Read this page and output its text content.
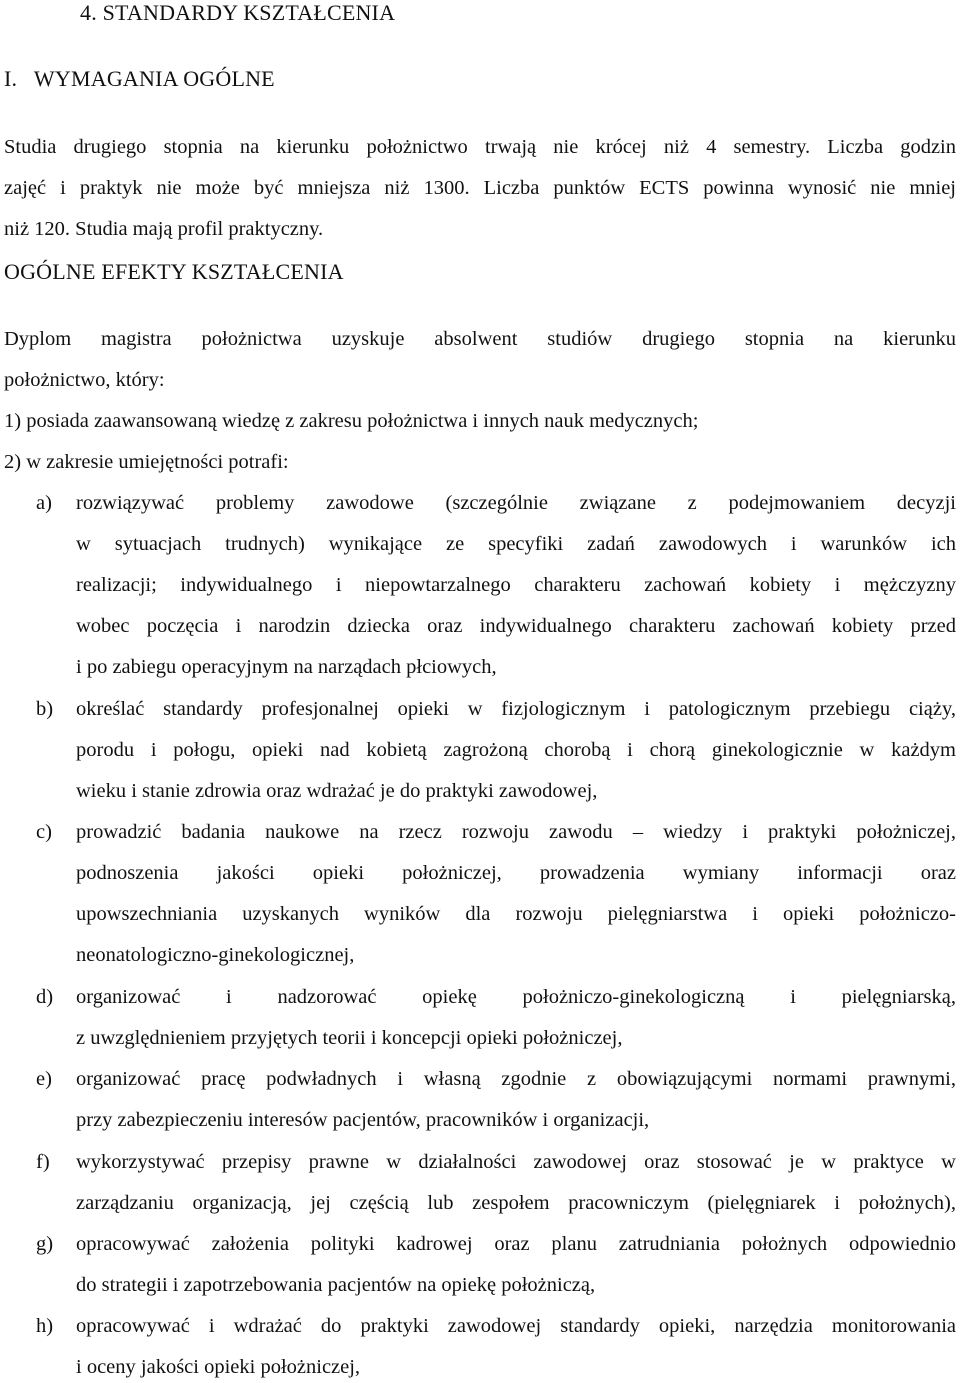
4. STANDARDY KSZTAŁCENIA
I.   WYMAGANIA OGÓLNE
Studia drugiego stopnia na kierunku położnictwo trwają nie krócej niż 4 semestry. Liczba godzin
zajęć i praktyk nie może być mniejsza niż 1300. Liczba punktów ECTS powinna wynosić nie mniej
niż 120. Studia mają profil praktyczny.
OGÓLNE EFEKTY KSZTAŁCENIA
Dyplom magistra położnictwa uzyskuje absolwent studiów drugiego stopnia na kierunku
położnictwo, który:
1) posiada zaawansowaną wiedzę z zakresu położnictwa i innych nauk medycznych;
2) w zakresie umiejętności potrafi:
a) rozwiązywać problemy zawodowe (szczególnie związane z podejmowaniem decyzji
w sytuacjach trudnych) wynikające ze specyfiki zadań zawodowych i warunków ich
realizacji; indywidualnego i niepowtarzalnego charakteru zachowań kobiety i mężczyzny
wobec poczęcia i narodzin dziecka oraz indywidualnego charakteru zachowań kobiety przed
i po zabiegu operacyjnym na narządach płciowych,
b) określać standardy profesjonalnej opieki w fizjologicznym i patologicznym przebiegu ciąży,
porodu i połogu, opieki nad kobietą zagrożoną chorobą i chorą ginekologicznie w każdym
wieku i stanie zdrowia oraz wdrażać je do praktyki zawodowej,
c) prowadzić badania naukowe na rzecz rozwoju zawodu – wiedzy i praktyki położniczej,
podnoszenia jakości opieki położniczej, prowadzenia wymiany informacji oraz
upowszechniania uzyskanych wyników dla rozwoju pielęgniarstwa i opieki położniczo-
neonatologiczno-ginekologicznej,
d) organizować i nadzorować opiekę położniczo-ginekologiczną i pielęgniarską,
z uwzględnieniem przyjętych teorii i koncepcji opieki położniczej,
e) organizować pracę podwładnych i własną zgodnie z obowiązującymi normami prawnymi,
przy zabezpieczeniu interesów pacjentów, pracowników i organizacji,
f) wykorzystywać przepisy prawne w działalności zawodowej oraz stosować je w praktyce w
zarządzaniu organizacją, jej częścią lub zespołem pracowniczym (pielęgniarek i położnych),
g) opracowywać założenia polityki kadrowej oraz planu zatrudniania położnych odpowiednio
do strategii i zapotrzebowania pacjentów na opiekę położniczą,
h) opracowywać i wdrażać do praktyki zawodowej standardy opieki, narzędzia monitorowania
i oceny jakości opieki położniczej,
